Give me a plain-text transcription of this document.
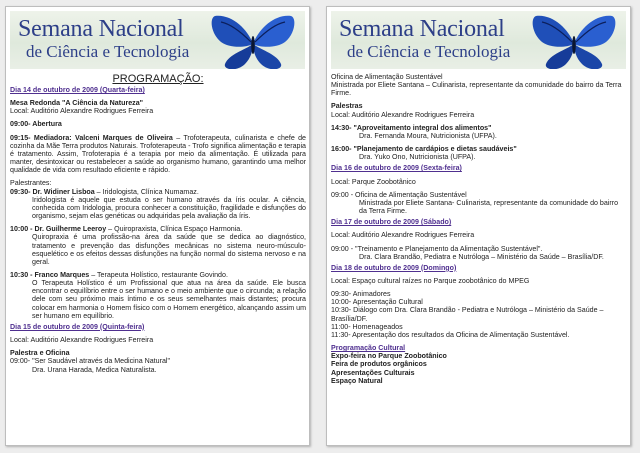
Semana Nacional
de Ciência e Tecnologia

PROGRAMAÇÃO:

Dia 14 de outubro de 2009 (Quarta-feira)

Mesa Redonda "A Ciência da Natureza"

Local: Auditório Alexandre Rodrigues Ferreira

09:00- Abertura

09:15- Mediadora: Valceni Marques de Oliveira – Trofoterapeuta, culinarista e chefe de cozinha da Mãe Terra produtos Naturais. Trofoterapeuta - Trofo significa alimentação e terapia é tratamento. Assim, Trofoterapia é a terapia por meio da alimentação. É utilizada para manter, desintoxicar ou restabelecer a saúde ao organismo humano, garantindo uma melhor qualidade de vida com resultado eficiente e rápido.

Palestrantes:

09:30- Dr. Widiner Lisboa – Iridologista, Clínica Numamaz.

Iridologista é aquele que estuda o ser humano através da íris ocular. A ciência, conhecida com Iridologia, procura conhecer a constituição, fragilidade e disfunções do organismo, sejam elas genéticas ou adquiridas pela avaliação da íris.

10:00 - Dr. Guilherme Leeroy – Quiropraxista, Clínica Espaço Harmonia.

Quiropraxia é uma profissão-na área da saúde que se dedica ao diagnóstico, tratamento e prevenção das disfunções mecânicas no sistema neuro-músculo-esquelético e os efeitos dessas disfunções na função normal do sistema nervoso e na geral.

10:30 - Franco Marques – Terapeuta Holístico, restaurante Govindo.

O Terapeuta Holístico é um Profissional que atua na área da saúde. Ele busca encontrar o equilíbrio entre o ser humano e o meio ambiente que o circunda; a relação dele com seu próximo mais íntimo e os seus semelhantes mais distantes; procura colocar em harmonia o Homem físico com o Homem energético, alcançando assim um ser humano em equilíbrio.

Dia 15 de outubro de 2009 (Quinta-feira)

Local: Auditório Alexandre Rodrigues Ferreira

Palestra e Oficina

09:00- "Ser Saudável através da Medicina Natural"

Dra. Urana Harada, Medica Naturalista.

Semana Nacional
de Ciência e Tecnologia

Oficina de Alimentação Sustentável

Ministrada por Eliete Santana – Culinarista, representante da comunidade do bairro da Terra Firme.

Palestras

Local: Auditório Alexandre Rodrigues Ferreira

14:30- "Aproveitamento integral dos alimentos"

Dra. Fernanda Moura, Nutricionista (UFPA).

16:00- "Planejamento de cardápios e dietas saudáveis"

Dra. Yuko Ono, Nutricionista (UFPA).

Dia 16 de outubro de 2009 (Sexta-feira)

Local: Parque Zoobotânico

09:00 - Oficina de Alimentação Sustentável

Ministrada por Eliete Santana- Culinarista, representante da comunidade do bairro da Terra Firme.

Dia 17 de outubro de 2009 (Sábado)

Local: Auditório Alexandre Rodrigues Ferreira

09:00 - "Treinamento e Planejamento da Alimentação Sustentável".

Dra. Clara Brandão, Pediatra e Nutróloga – Ministério da Saúde – Brasília/DF.

Dia 18 de outubro de 2009 (Domingo)

Local: Espaço cultural raízes no Parque zoobotânico do MPEG

09:30- Animadores

10:00- Apresentação Cultural

10:30- Diálogo com Dra. Clara Brandão - Pediatra e Nutróloga – Ministério da Saúde – Brasília/DF.

11:00- Homenageados

11:30- Apresentação dos resultados da Oficina de Alimentação Sustentável.

Programação Cultural

Expo-feira no Parque Zoobotânico

Feira de produtos orgânicos

Apresentações Culturais

Espaço Natural
